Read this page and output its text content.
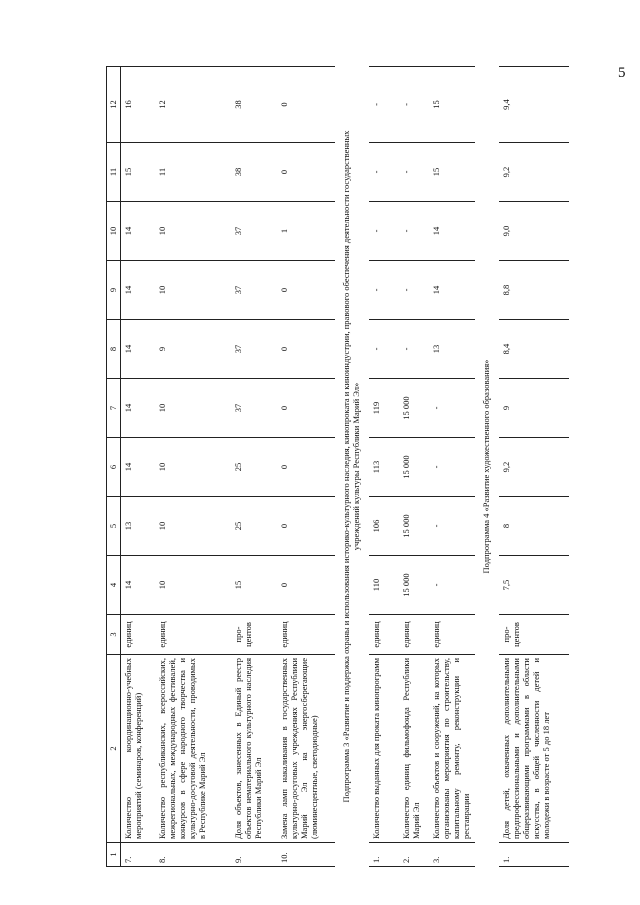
5
1	2	3	4	5	6	7	8	9	10	11	12
7.	Количество координационно-учебных мероприятий (семинаров, конференций)	единиц	14	13	14	14	14	14	14	15	16
8.	Количество республиканских, всероссийских, межрегиональных, международных фестивалей, конкурсов в сфере народного творчества и культурно-досуговой деятельности, проводимых в Республике Марий Эл	единиц	10	10	10	10	9	10	10	11	12
9.	Доля объектов, занесенных в Единый реестр объектов нематериального культурного наследия Республики Марий Эл	про-центов	15	25	25	37	37	37	37	38	38
10.	Замена ламп накаливания в государственных культурно-досуговых учреждениях Республики Марий Эл на энергосберегающие (люминесцентные, светодиодные)	единиц	0	0	0	0	0	0	1	0	0
Подпрограмма 3 «Развитие и поддержка охраны и использования историко-культурного наследия, кинопроката и киноиндустрии, правового обеспечения деятельности государственных учреждений культуры Республики Марий Эл»											
1.	Количество выданных для проката кинопрограмм	единиц	110	106	113	119	-	-	-	-	-
2.	Количество единиц фильмофонда Республики Марий Эл	единиц	15 000	15 000	15 000	15 000	-	-	-	-	-
3.	Количество объектов и сооружений, на которых организованы мероприятия по строительству, капитальному ремонту, реконструкции и реставрации	единиц	-	-	-	-	13	14	14	15	15
Подпрограмма 4 «Развитие художественного образования»											
1.	Доля детей, охваченных дополнительными предпрофессиональными и дополнительными общеразвивающими программами в области искусства, в общей численности детей и молодежи в возрасте от 5 до 18 лет	про-центов	7,5	8	9,2	9	8,4	8,8	9,0	9,2	9,4
